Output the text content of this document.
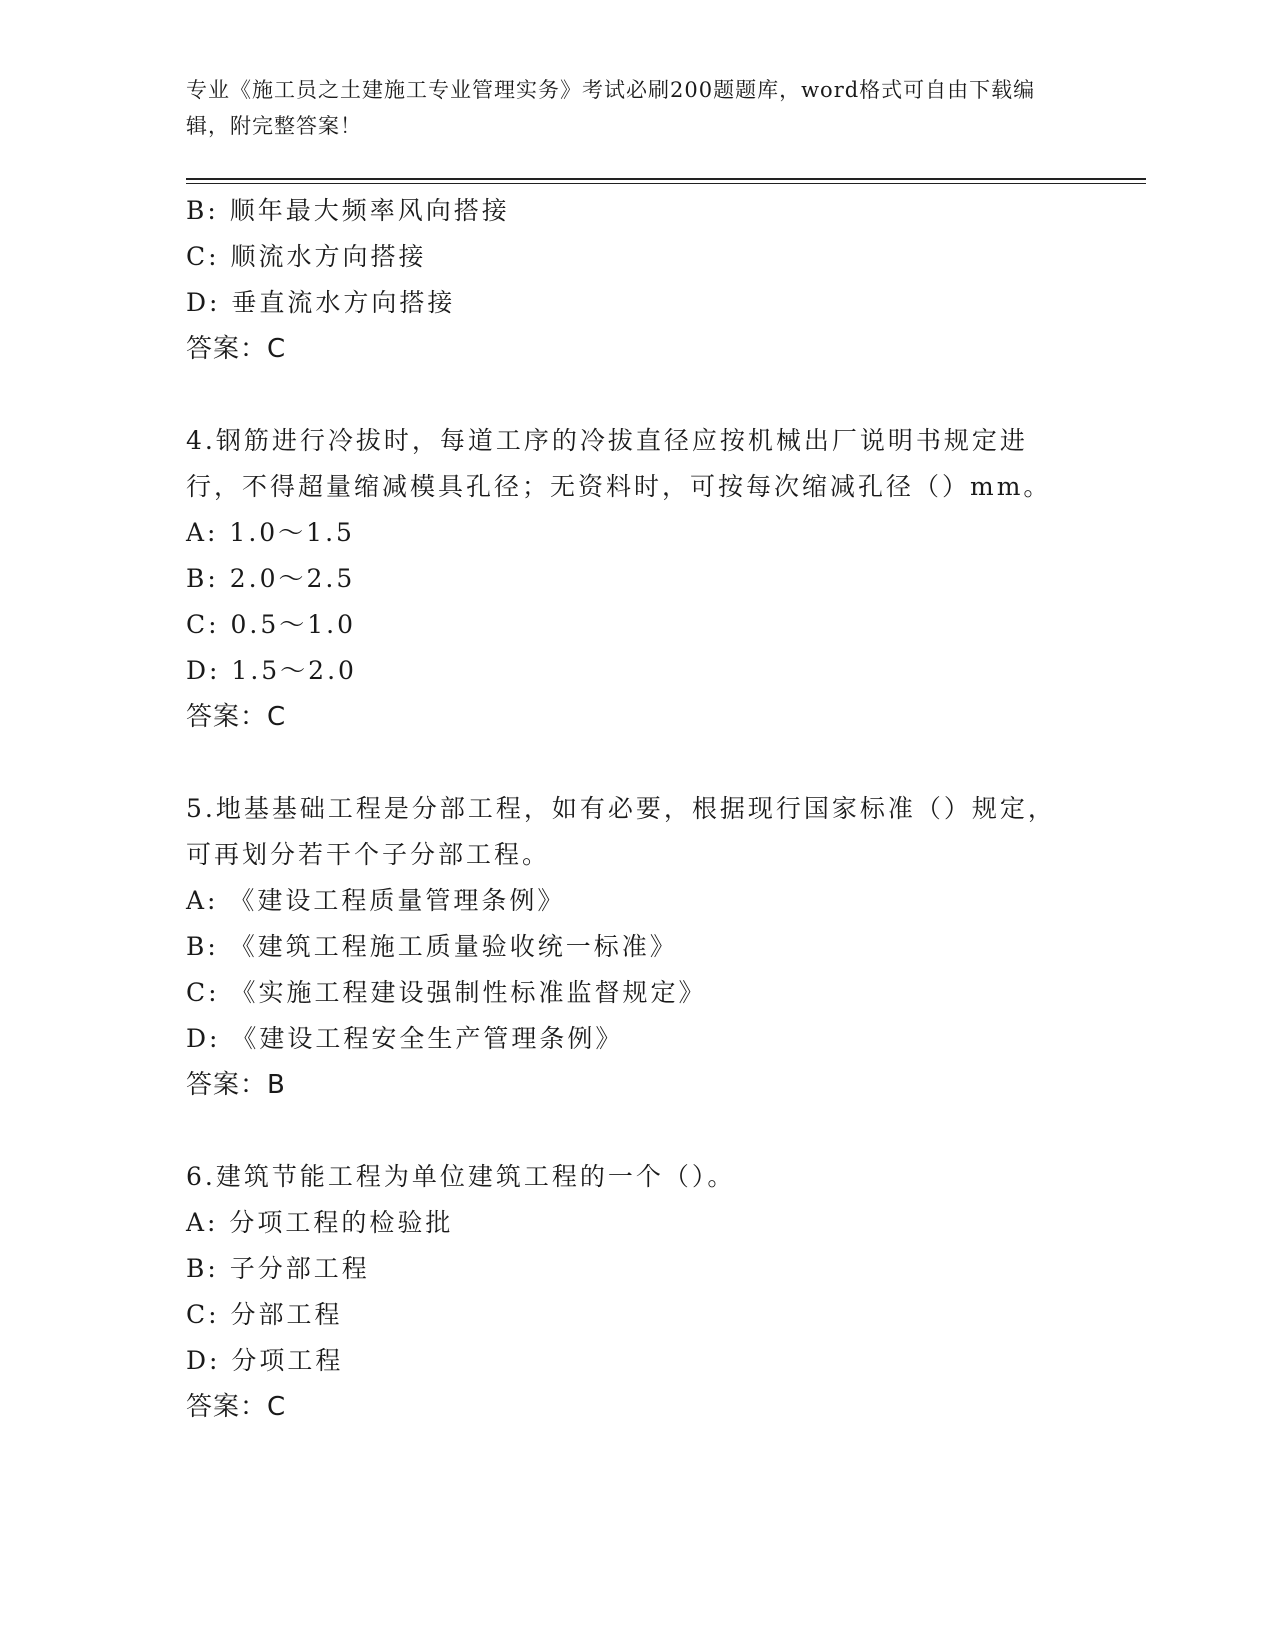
专业《施工员之土建施工专业管理实务》考试必刷200题题库，word格式可自由下载编辑，附完整答案！
B: 顺年最大频率风向搭接
C: 顺流水方向搭接
D: 垂直流水方向搭接
答案：C
4.钢筋进行冷拔时，每道工序的冷拔直径应按机械出厂说明书规定进行，不得超量缩减模具孔径；无资料时，可按每次缩减孔径（）mm。
A: 1.0～1.5
B: 2.0～2.5
C: 0.5～1.0
D: 1.5～2.0
答案：C
5.地基基础工程是分部工程，如有必要，根据现行国家标准（）规定，可再划分若干个子分部工程。
A: 《建设工程质量管理条例》
B: 《建筑工程施工质量验收统一标准》
C: 《实施工程建设强制性标准监督规定》
D: 《建设工程安全生产管理条例》
答案：B
6.建筑节能工程为单位建筑工程的一个（）。
A: 分项工程的检验批
B: 子分部工程
C: 分部工程
D: 分项工程
答案：C
